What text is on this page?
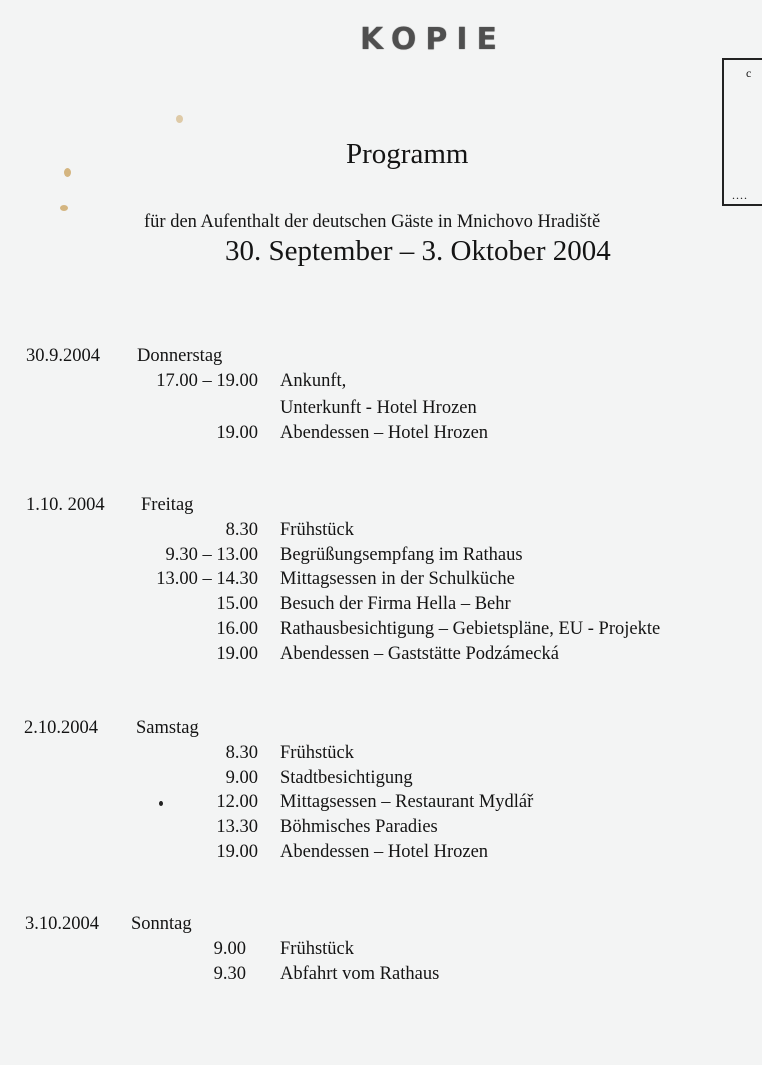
KOPIE
c
....
Programm
für den Aufenthalt der deutschen Gäste in Mnichovo Hradiště
30. September – 3. Oktober 2004
30.9.2004 Donnerstag
17.00 – 19.00 Ankunft,
Unterkunft - Hotel Hrozen
19.00 Abendessen – Hotel Hrozen
1.10. 2004 Freitag
8.30 Frühstück
9.30 – 13.00 Begrüßungsempfang im Rathaus
13.00 – 14.30 Mittagsessen in der Schulküche
15.00 Besuch der Firma Hella – Behr
16.00 Rathausbesichtigung – Gebietspläne, EU - Projekte
19.00 Abendessen – Gaststätte Podzámecká
2.10.2004 Samstag
8.30 Frühstück
9.00 Stadtbesichtigung
12.00 Mittagsessen – Restaurant Mydlář
13.30 Böhmisches Paradies
19.00 Abendessen – Hotel Hrozen
3.10.2004 Sonntag
9.00 Frühstück
9.30 Abfahrt vom Rathaus
